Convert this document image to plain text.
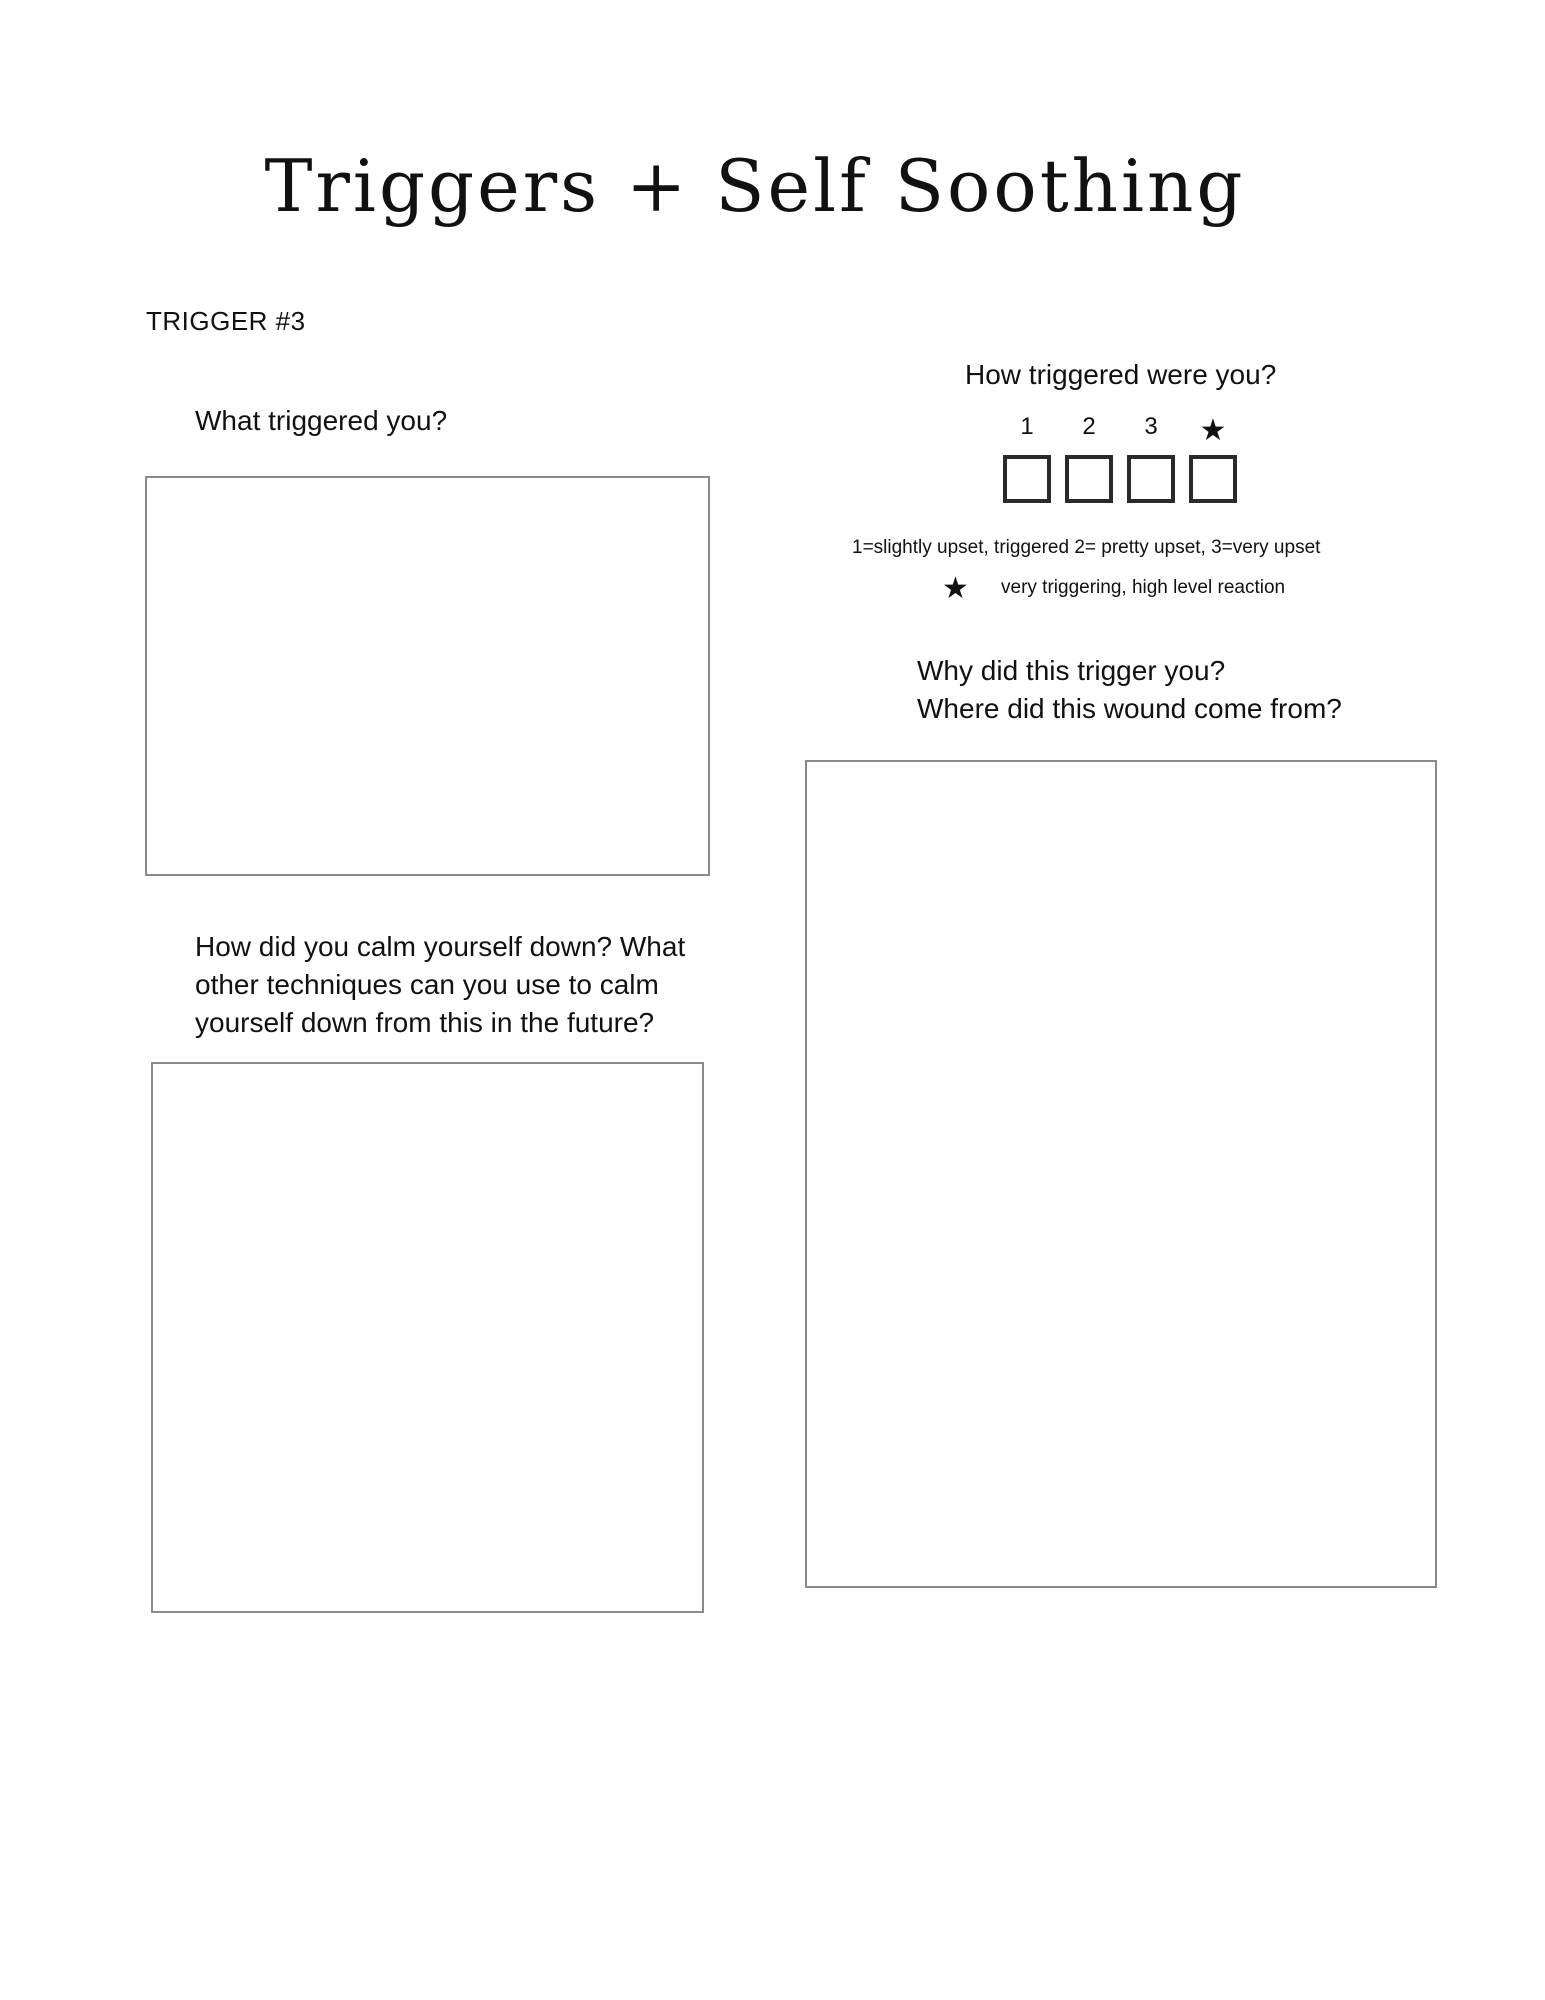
Triggers + Self Soothing
TRIGGER #3
What triggered you?
How did you calm yourself down? What other techniques can you use to calm yourself down from this in the future?
How triggered were you?
1	2	3	★
1=slightly upset, triggered 2= pretty upset, 3=very upset
★ very triggering, high level reaction
Why did this trigger you?
Where did this wound come from?
